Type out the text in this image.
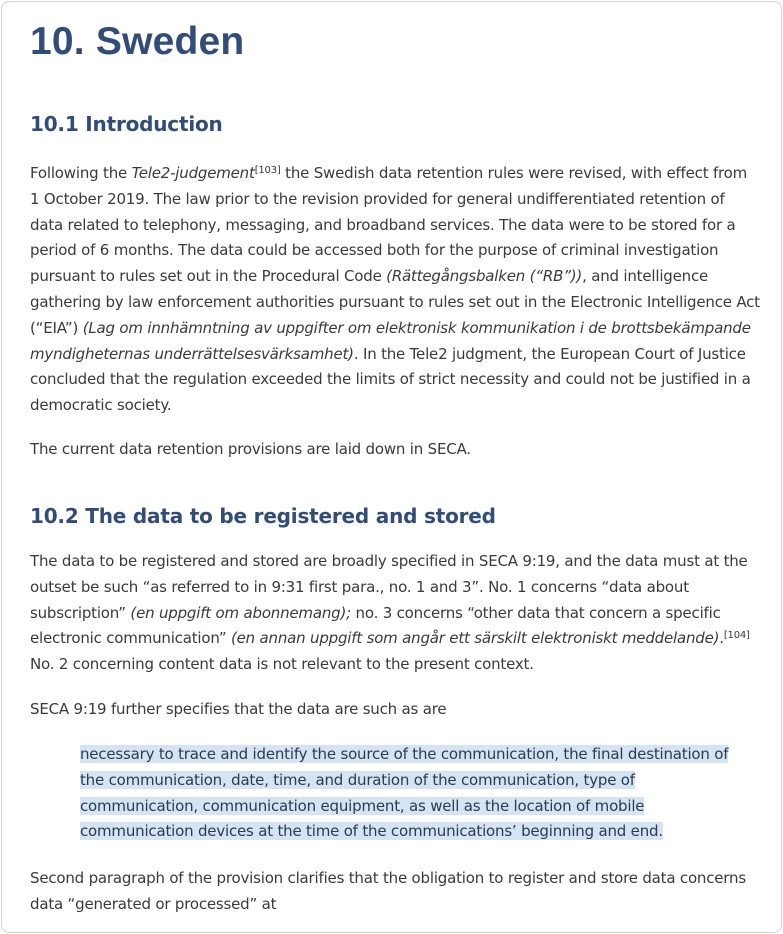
10. Sweden
10.1 Introduction

Following the Tele2-judgement[103] the Swedish data retention rules were revised, with effect from 1 October 2019. The law prior to the revision provided for general undifferentiated retention of data related to telephony, messaging, and broadband services. The data were to be stored for a period of 6 months. The data could be accessed both for the purpose of criminal investigation pursuant to rules set out in the Procedural Code (Rättegångsbalken (“RB”)), and intelligence gathering by law enforcement authorities pursuant to rules set out in the Electronic Intelligence Act (“EIA”) (Lag om innhämntning av uppgifter om elektronisk kommunikation i de brottsbekämpande myndigheternas underrättelsesvärksamhet). In the Tele2 judgment, the European Court of Justice concluded that the regulation exceeded the limits of strict necessity and could not be justified in a democratic society.

The current data retention provisions are laid down in SECA.

10.2 The data to be registered and stored

The data to be registered and stored are broadly specified in SECA 9:19, and the data must at the outset be such “as referred to in 9:31 first para., no. 1 and 3”. No. 1 concerns “data about subscription” (en uppgift om abonnemang); no. 3 concerns “other data that concern a specific electronic communication” (en annan uppgift som angår ett särskilt elektroniskt meddelande).[104] No. 2 concerning content data is not relevant to the present context.

SECA 9:19 further specifies that the data are such as are

necessary to trace and identify the source of the communication, the final destination of the communication, date, time, and duration of the communication, type of communication, communication equipment, as well as the location of mobile communication devices at the time of the communications’ beginning and end.

Second paragraph of the provision clarifies that the obligation to register and store data concerns data “generated or processed” at
